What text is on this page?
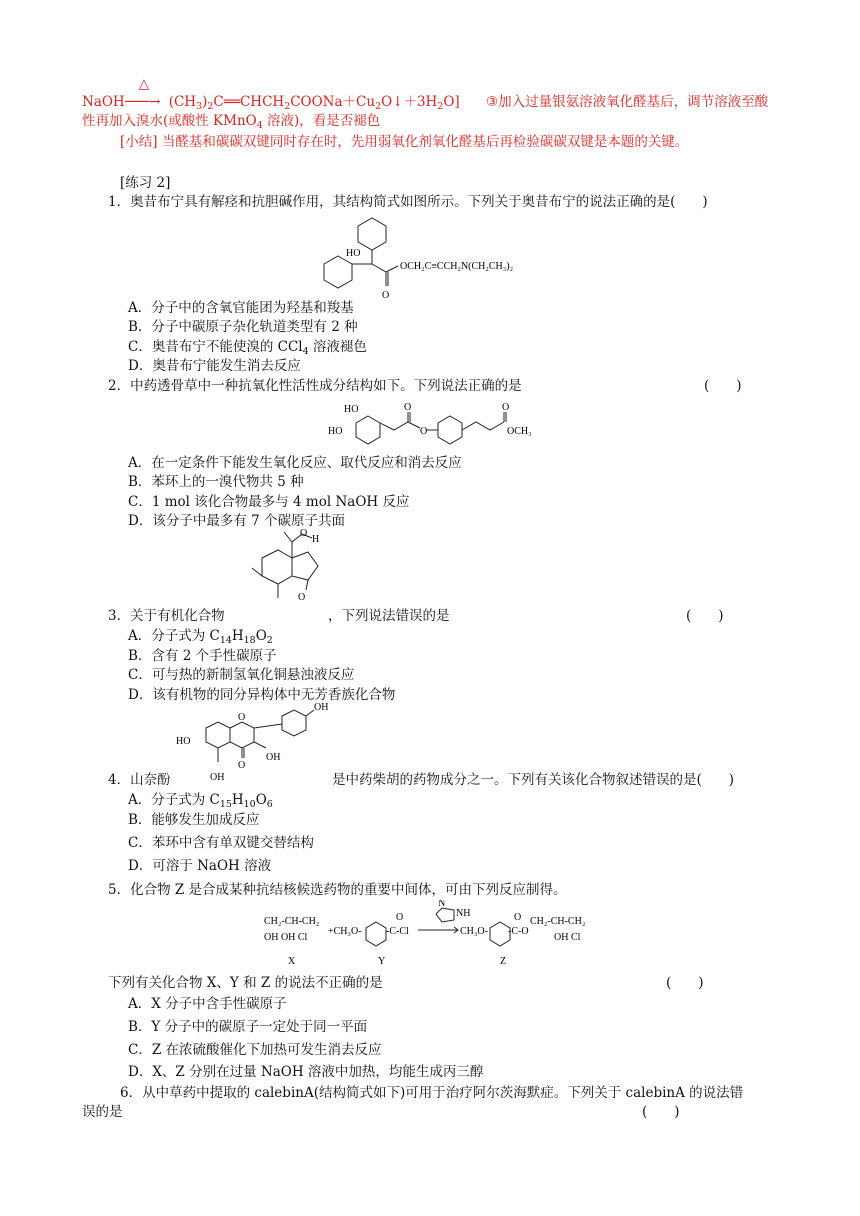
NaOH
△
───→ $(CH_3)_2C══CHCH_2COONa+Cu_2O↓+3H_2O$] ③加入过量银氨溶液氧化醛基后，调节溶液至酸
性再加入溴水(或酸性 KMnO$_4$ 溶液)，看是否褪色
[小结] 当醛基和碳碳双键同时存在时，先用弱氧化剂氧化醛基后再检验碳碳双键是本题的关键。
[练习 2]
1．奥昔布宁具有解痉和抗胆碱作用，其结构简式如图所示。下列关于奥昔布宁的说法正确的是(　　)
HO
O
OCH₂C≡CCH₂N(CH₂CH₃)₂
A．分子中的含氧官能团为羟基和羧基
B．分子中碳原子杂化轨道类型有 2 种
C．奥昔布宁不能使溴的 CCl$_4$ 溶液褪色
D．奥昔布宁能发生消去反应
2．中药透骨草中一种抗氧化性活性成分结构如下。下列说法正确的是	(　　)
HO
HO	O
O	O
OCH₃
A．在一定条件下能发生氧化反应、取代反应和消去反应
B．苯环上的一溴代物共 5 种
C．1 mol 该化合物最多与 4 mol NaOH 反应
D．该分子中最多有 7 个碳原子共面
O
H
O
3．关于有机化合物	，下列说法错误的是	(　　)
A．分子式为 $C_{14}H_{18}O_2$
B．含有 2 个手性碳原子
C．可与热的新制氢氧化铜悬浊液反应
D．该有机物的同分异构体中无芳香族化合物
HO
O
OH
OH
O
OH
4．山奈酚	是中药柴胡的药物成分之一。下列有关该化合物叙述错误的是(　　)
A．分子式为 $C_{15}H_{10}O_6$
B．能够发生加成反应
C．苯环中含有单双键交替结构
D．可溶于 NaOH 溶液
5．化合物 Z 是合成某种抗结核候选药物的重要中间体，可由下列反应制得。
CH₂-CH-CH₂
OH OH Cl
+CH₃O- -C-Cl
O
CH₃O- -C-O
O CH₂-CH-CH₂
OH Cl
NH
N
X	Y	Z
下列有关化合物 X、Y 和 Z 的说法不正确的是	(　　)
A．X 分子中含手性碳原子
B．Y 分子中的碳原子一定处于同一平面
C．Z 在浓硫酸催化下加热可发生消去反应
D．X、Z 分别在过量 NaOH 溶液中加热，均能生成丙三醇
6．从中草药中提取的 calebinA(结构简式如下)可用于治疗阿尔茨海默症。下列关于 calebinA 的说法错
误的是	(　　)
